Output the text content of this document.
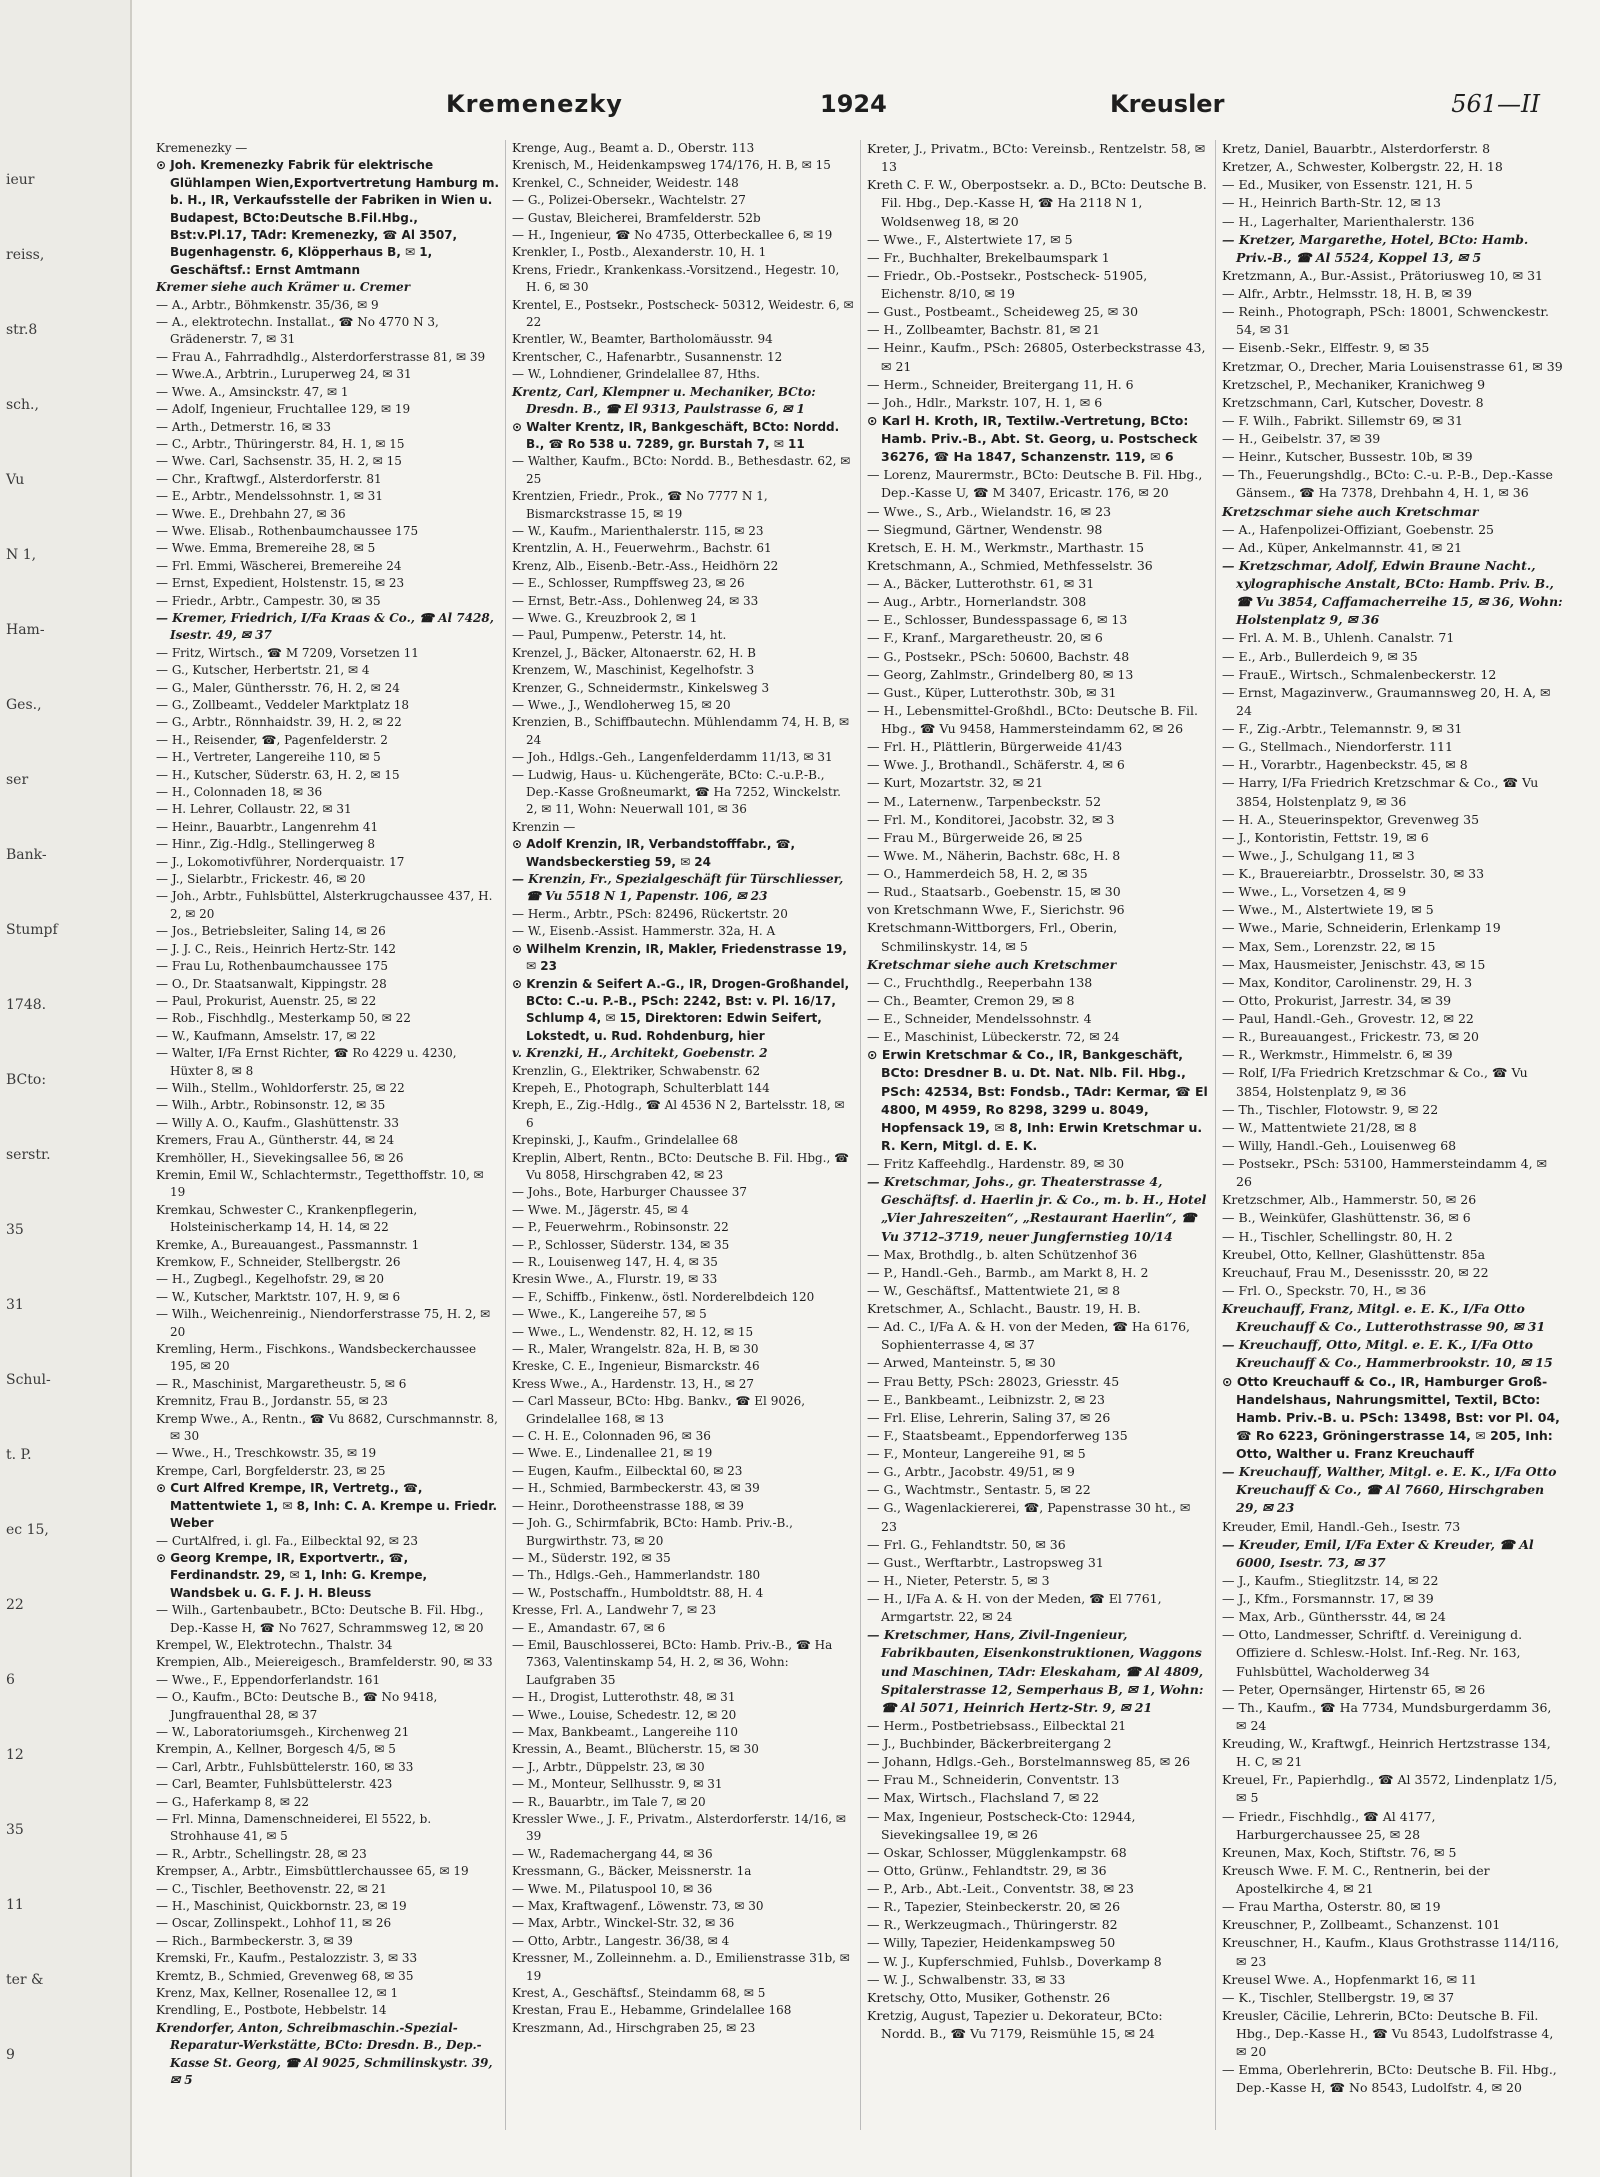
ieur
reiss,
str.8
sch.,
Vu
N 1,
Ham-
Ges.,
ser
Bank-
Stumpf
1748.
BCto:
serstr.
35
31
Schul-
t. P.
ec 15,
22
6
12
35
11
ter &
9
Kremenezky	1924	Kreusler	561—II

Kremenezky —

⊙ Joh. Kremenezky Fabrik für elektrische Glühlampen Wien,Exportvertretung Hamburg m. b. H., IR, Verkaufsstelle der Fabriken in Wien u. Budapest, BCto:Deutsche B.Fil.Hbg., Bst:v.Pl.17, TAdr: Kremenezky, ☎ Al 3507, Bugenhagenstr. 6, Klöpperhaus B, ✉ 1, Geschäftsf.: Ernst Amtmann

Kremer siehe auch Krämer u. Cremer

— A., Arbtr., Böhmkenstr. 35/36, ✉ 9

— A., elektrotechn. Installat., ☎ No 4770 N 3, Grädenerstr. 7, ✉ 31

— Frau A., Fahrradhdlg., Alsterdorferstrasse 81, ✉ 39

— Wwe.A., Arbtrin., Luruperweg 24, ✉ 31

— Wwe. A., Amsinckstr. 47, ✉ 1

— Adolf, Ingenieur, Fruchtallee 129, ✉ 19

— Arth., Detmerstr. 16, ✉ 33

— C., Arbtr., Thüringerstr. 84, H. 1, ✉ 15

— Wwe. Carl, Sachsenstr. 35, H. 2, ✉ 15

— Chr., Kraftwgf., Alsterdorferstr. 81

— E., Arbtr., Mendelssohnstr. 1, ✉ 31

— Wwe. E., Drehbahn 27, ✉ 36

— Wwe. Elisab., Rothenbaumchaussee 175

— Wwe. Emma, Bremereihe 28, ✉ 5

— Frl. Emmi, Wäscherei, Bremereihe 24

— Ernst, Expedient, Holstenstr. 15, ✉ 23

— Friedr., Arbtr., Campestr. 30, ✉ 35

— Kremer, Friedrich, I/Fa Kraas & Co., ☎ Al 7428, Isestr. 49, ✉ 37

— Fritz, Wirtsch., ☎ M 7209, Vorsetzen 11

— G., Kutscher, Herbertstr. 21, ✉ 4

— G., Maler, Günthersstr. 76, H. 2, ✉ 24

— G., Zollbeamt., Veddeler Marktplatz 18

— G., Arbtr., Rönnhaidstr. 39, H. 2, ✉ 22

— H., Reisender, ☎, Pagenfelderstr. 2

— H., Vertreter, Langereihe 110, ✉ 5

— H., Kutscher, Süderstr. 63, H. 2, ✉ 15

— H., Colonnaden 18, ✉ 36

— H. Lehrer, Collaustr. 22, ✉ 31

— Heinr., Bauarbtr., Langenrehm 41

— Hinr., Zig.-Hdlg., Stellingerweg 8

— J., Lokomotivführer, Norderquaistr. 17

— J., Sielarbtr., Frickestr. 46, ✉ 20

— Joh., Arbtr., Fuhlsbüttel, Alsterkrugchaussee 437, H. 2, ✉ 20

— Jos., Betriebsleiter, Saling 14, ✉ 26

— J. J. C., Reis., Heinrich Hertz-Str. 142

— Frau Lu, Rothenbaumchaussee 175

— O., Dr. Staatsanwalt, Kippingstr. 28

— Paul, Prokurist, Auenstr. 25, ✉ 22

— Rob., Fischhdlg., Mesterkamp 50, ✉ 22

— W., Kaufmann, Amselstr. 17, ✉ 22

— Walter, I/Fa Ernst Richter, ☎ Ro 4229 u. 4230, Hüxter 8, ✉ 8

— Wilh., Stellm., Wohldorferstr. 25, ✉ 22

— Wilh., Arbtr., Robinsonstr. 12, ✉ 35

— Willy A. O., Kaufm., Glashüttenstr. 33

Kremers, Frau A., Güntherstr. 44, ✉ 24

Kremhöller, H., Sievekingsallee 56, ✉ 26

Kremin, Emil W., Schlachtermstr., Tegetthoffstr. 10, ✉ 19

Kremkau, Schwester C., Krankenpflegerin, Holsteinischerkamp 14, H. 14, ✉ 22

Kremke, A., Bureauangest., Passmannstr. 1

Kremkow, F., Schneider, Stellbergstr. 26

— H., Zugbegl., Kegelhofstr. 29, ✉ 20

— W., Kutscher, Marktstr. 107, H. 9, ✉ 6

— Wilh., Weichenreinig., Niendorferstrasse 75, H. 2, ✉ 20

Kremling, Herm., Fischkons., Wandsbeckerchaussee 195, ✉ 20

— R., Maschinist, Margaretheustr. 5, ✉ 6

Kremnitz, Frau B., Jordanstr. 55, ✉ 23

Kremp Wwe., A., Rentn., ☎ Vu 8682, Curschmannstr. 8, ✉ 30

— Wwe., H., Treschkowstr. 35, ✉ 19

Krempe, Carl, Borgfelderstr. 23, ✉ 25

⊙ Curt Alfred Krempe, IR, Vertretg., ☎, Mattentwiete 1, ✉ 8, Inh: C. A. Krempe u. Friedr. Weber

— CurtAlfred, i. gl. Fa., Eilbecktal 92, ✉ 23

⊙ Georg Krempe, IR, Exportvertr., ☎, Ferdinandstr. 29, ✉ 1, Inh: G. Krempe, Wandsbek u. G. F. J. H. Bleuss

— Wilh., Gartenbaubetr., BCto: Deutsche B. Fil. Hbg., Dep.-Kasse H, ☎ No 7627, Schrammsweg 12, ✉ 20

Krempel, W., Elektrotechn., Thalstr. 34

Krempien, Alb., Meiereigesch., Bramfelderstr. 90, ✉ 33

— Wwe., F., Eppendorferlandstr. 161

— O., Kaufm., BCto: Deutsche B., ☎ No 9418, Jungfrauenthal 28, ✉ 37

— W., Laboratoriumsgeh., Kirchenweg 21

Krempin, A., Kellner, Borgesch 4/5, ✉ 5

— Carl, Arbtr., Fuhlsbüttelerstr. 160, ✉ 33

— Carl, Beamter, Fuhlsbüttelerstr. 423

— G., Haferkamp 8, ✉ 22

— Frl. Minna, Damenschneiderei, El 5522, b. Strohhause 41, ✉ 5

— R., Arbtr., Schellingstr. 28, ✉ 23

Krempser, A., Arbtr., Eimsbüttlerchaussee 65, ✉ 19

— C., Tischler, Beethovenstr. 22, ✉ 21

— H., Maschinist, Quickbornstr. 23, ✉ 19

— Oscar, Zollinspekt., Lohhof 11, ✉ 26

— Rich., Barmbeckerstr. 3, ✉ 39

Kremski, Fr., Kaufm., Pestalozzistr. 3, ✉ 33

Kremtz, B., Schmied, Grevenweg 68, ✉ 35

Krenz, Max, Kellner, Rosenallee 12, ✉ 1

Krendling, E., Postbote, Hebbelstr. 14

Krendorfer, Anton, Schreibmaschin.-Spezial-Reparatur-Werkstätte, BCto: Dresdn. B., Dep.-Kasse St. Georg, ☎ Al 9025, Schmilinskystr. 39, ✉ 5

Krenge, Aug., Beamt a. D., Oberstr. 113

Krenisch, M., Heidenkampsweg 174/176, H. B, ✉ 15

Krenkel, C., Schneider, Weidestr. 148

— G., Polizei-Obersekr., Wachtelstr. 27

— Gustav, Bleicherei, Bramfelderstr. 52b

— H., Ingenieur, ☎ No 4735, Otterbeckallee 6, ✉ 19

Krenkler, I., Postb., Alexanderstr. 10, H. 1

Krens, Friedr., Krankenkass.-Vorsitzend., Hegestr. 10, H. 6, ✉ 30

Krentel, E., Postsekr., Postscheck- 50312, Weidestr. 6, ✉ 22

Krentler, W., Beamter, Bartholomäusstr. 94

Krentscher, C., Hafenarbtr., Susannenstr. 12

— W., Lohndiener, Grindelallee 87, Hths.

Krentz, Carl, Klempner u. Mechaniker, BCto: Dresdn. B., ☎ El 9313, Paulstrasse 6, ✉ 1

⊙ Walter Krentz, IR, Bankgeschäft, BCto: Nordd. B., ☎ Ro 538 u. 7289, gr. Burstah 7, ✉ 11

— Walther, Kaufm., BCto: Nordd. B., Bethesdastr. 62, ✉ 25

Krentzien, Friedr., Prok., ☎ No 7777 N 1, Bismarckstrasse 15, ✉ 19

— W., Kaufm., Marienthalerstr. 115, ✉ 23

Krentzlin, A. H., Feuerwehrm., Bachstr. 61

Krenz, Alb., Eisenb.-Betr.-Ass., Heidhörn 22

— E., Schlosser, Rumpffsweg 23, ✉ 26

— Ernst, Betr.-Ass., Dohlenweg 24, ✉ 33

— Wwe. G., Kreuzbrook 2, ✉ 1

— Paul, Pumpenw., Peterstr. 14, ht.

Krenzel, J., Bäcker, Altonaerstr. 62, H. B

Krenzem, W., Maschinist, Kegelhofstr. 3

Krenzer, G., Schneidermstr., Kinkelsweg 3

— Wwe., J., Wendloherweg 15, ✉ 20

Krenzien, B., Schiffbautechn. Mühlendamm 74, H. B, ✉ 24

— Joh., Hdlgs.-Geh., Langenfelderdamm 11/13, ✉ 31

— Ludwig, Haus- u. Küchengeräte, BCto: C.-u.P.-B., Dep.-Kasse Großneumarkt, ☎ Ha 7252, Winckelstr. 2, ✉ 11, Wohn: Neuerwall 101, ✉ 36

Krenzin —

⊙ Adolf Krenzin, IR, Verbandstofffabr., ☎, Wandsbeckerstieg 59, ✉ 24

— Krenzin, Fr., Spezialgeschäft für Türschliesser, ☎ Vu 5518 N 1, Papenstr. 106, ✉ 23

— Herm., Arbtr., PSch: 82496, Rückertstr. 20

— W., Eisenb.-Assist. Hammerstr. 32a, H. A

⊙ Wilhelm Krenzin, IR, Makler, Friedenstrasse 19, ✉ 23

⊙ Krenzin & Seifert A.-G., IR, Drogen-Großhandel, BCto: C.-u. P.-B., PSch: 2242, Bst: v. Pl. 16/17, Schlump 4, ✉ 15, Direktoren: Edwin Seifert, Lokstedt, u. Rud. Rohdenburg, hier

v. Krenzki, H., Architekt, Goebenstr. 2

Krenzlin, G., Elektriker, Schwabenstr. 62

Krepeh, E., Photograph, Schulterblatt 144

Kreph, E., Zig.-Hdlg., ☎ Al 4536 N 2, Bartelsstr. 18, ✉ 6

Krepinski, J., Kaufm., Grindelallee 68

Kreplin, Albert, Rentn., BCto: Deutsche B. Fil. Hbg., ☎ Vu 8058, Hirschgraben 42, ✉ 23

— Johs., Bote, Harburger Chaussee 37

— Wwe. M., Jägerstr. 45, ✉ 4

— P., Feuerwehrm., Robinsonstr. 22

— P., Schlosser, Süderstr. 134, ✉ 35

— R., Louisenweg 147, H. 4, ✉ 35

Kresin Wwe., A., Flurstr. 19, ✉ 33

— F., Schiffb., Finkenw., östl. Norderelbdeich 120

— Wwe., K., Langereihe 57, ✉ 5

— Wwe., L., Wendenstr. 82, H. 12, ✉ 15

— R., Maler, Wrangelstr. 82a, H. B, ✉ 30

Kreske, C. E., Ingenieur, Bismarckstr. 46

Kress Wwe., A., Hardenstr. 13, H., ✉ 27

— Carl Masseur, BCto: Hbg. Bankv., ☎ El 9026, Grindelallee 168, ✉ 13

— C. H. E., Colonnaden 96, ✉ 36

— Wwe. E., Lindenallee 21, ✉ 19

— Eugen, Kaufm., Eilbecktal 60, ✉ 23

— H., Schmied, Barmbeckerstr. 43, ✉ 39

— Heinr., Dorotheenstrasse 188, ✉ 39

— Joh. G., Schirmfabrik, BCto: Hamb. Priv.-B., Burgwirthstr. 73, ✉ 20

— M., Süderstr. 192, ✉ 35

— Th., Hdlgs.-Geh., Hammerlandstr. 180

— W., Postschaffn., Humboldtstr. 88, H. 4

Kresse, Frl. A., Landwehr 7, ✉ 23

— E., Amandastr. 67, ✉ 6

— Emil, Bauschlosserei, BCto: Hamb. Priv.-B., ☎ Ha 7363, Valentinskamp 54, H. 2, ✉ 36, Wohn: Laufgraben 35

— H., Drogist, Lutterothstr. 48, ✉ 31

— Wwe., Louise, Schedestr. 12, ✉ 20

— Max, Bankbeamt., Langereihe 110

Kressin, A., Beamt., Blücherstr. 15, ✉ 30

— J., Arbtr., Düppelstr. 23, ✉ 30

— M., Monteur, Sellhusstr. 9, ✉ 31

— R., Bauarbtr., im Tale 7, ✉ 20

Kressler Wwe., J. F., Privatm., Alsterdorferstr. 14/16, ✉ 39

— W., Rademachergang 44, ✉ 36

Kressmann, G., Bäcker, Meissnerstr. 1a

— Wwe. M., Pilatuspool 10, ✉ 36

— Max, Kraftwagenf., Löwenstr. 73, ✉ 30

— Max, Arbtr., Winckel-Str. 32, ✉ 36

— Otto, Arbtr., Langestr. 36/38, ✉ 4

Kressner, M., Zolleinnehm. a. D., Emilienstrasse 31b, ✉ 19

Krest, A., Geschäftsf., Steindamm 68, ✉ 5

Krestan, Frau E., Hebamme, Grindelallee 168

Kreszmann, Ad., Hirschgraben 25, ✉ 23

Kreter, J., Privatm., BCto: Vereinsb., Rentzelstr. 58, ✉ 13

Kreth C. F. W., Oberpostsekr. a. D., BCto: Deutsche B. Fil. Hbg., Dep.-Kasse H, ☎ Ha 2118 N 1, Woldsenweg 18, ✉ 20

— Wwe., F., Alstertwiete 17, ✉ 5

— Fr., Buchhalter, Brekelbaumspark 1

— Friedr., Ob.-Postsekr., Postscheck- 51905, Eichenstr. 8/10, ✉ 19

— Gust., Postbeamt., Scheideweg 25, ✉ 30

— H., Zollbeamter, Bachstr. 81, ✉ 21

— Heinr., Kaufm., PSch: 26805, Osterbeckstrasse 43, ✉ 21

— Herm., Schneider, Breitergang 11, H. 6

— Joh., Hdlr., Markstr. 107, H. 1, ✉ 6

⊙ Karl H. Kroth, IR, Textilw.-Vertretung, BCto: Hamb. Priv.-B., Abt. St. Georg, u. Postscheck 36276, ☎ Ha 1847, Schanzenstr. 119, ✉ 6

— Lorenz, Maurermstr., BCto: Deutsche B. Fil. Hbg., Dep.-Kasse U, ☎ M 3407, Ericastr. 176, ✉ 20

— Wwe., S., Arb., Wielandstr. 16, ✉ 23

— Siegmund, Gärtner, Wendenstr. 98

Kretsch, E. H. M., Werkmstr., Marthastr. 15

Kretschmann, A., Schmied, Methfesselstr. 36

— A., Bäcker, Lutterothstr. 61, ✉ 31

— Aug., Arbtr., Hornerlandstr. 308

— E., Schlosser, Bundesspassage 6, ✉ 13

— F., Kranf., Margaretheustr. 20, ✉ 6

— G., Postsekr., PSch: 50600, Bachstr. 48

— Georg, Zahlmstr., Grindelberg 80, ✉ 13

— Gust., Küper, Lutterothstr. 30b, ✉ 31

— H., Lebensmittel-Großhdl., BCto: Deutsche B. Fil. Hbg., ☎ Vu 9458, Hammersteindamm 62, ✉ 26

— Frl. H., Plättlerin, Bürgerweide 41/43

— Wwe. J., Brothandl., Schäferstr. 4, ✉ 6

— Kurt, Mozartstr. 32, ✉ 21

— M., Laternenw., Tarpenbeckstr. 52

— Frl. M., Konditorei, Jacobstr. 32, ✉ 3

— Frau M., Bürgerweide 26, ✉ 25

— Wwe. M., Näherin, Bachstr. 68c, H. 8

— O., Hammerdeich 58, H. 2, ✉ 35

— Rud., Staatsarb., Goebenstr. 15, ✉ 30

von Kretschmann Wwe, F., Sierichstr. 96

Kretschmann-Wittborgers, Frl., Oberin, Schmilinskystr. 14, ✉ 5

Kretschmar siehe auch Kretschmer

— C., Fruchthdlg., Reeperbahn 138

— Ch., Beamter, Cremon 29, ✉ 8

— E., Schneider, Mendelssohnstr. 4

— E., Maschinist, Lübeckerstr. 72, ✉ 24

⊙ Erwin Kretschmar & Co., IR, Bankgeschäft, BCto: Dresdner B. u. Dt. Nat. Nlb. Fil. Hbg., PSch: 42534, Bst: Fondsb., TAdr: Kermar, ☎ El 4800, M 4959, Ro 8298, 3299 u. 8049, Hopfensack 19, ✉ 8, Inh: Erwin Kretschmar u. R. Kern, Mitgl. d. E. K.

— Fritz Kaffeehdlg., Hardenstr. 89, ✉ 30

— Kretschmar, Johs., gr. Theaterstrasse 4, Geschäftsf. d. Haerlin jr. & Co., m. b. H., Hotel „Vier Jahreszeiten“, „Restaurant Haerlin“, ☎ Vu 3712–3719, neuer Jungfernstieg 10/14

— Max, Brothdlg., b. alten Schützenhof 36

— P., Handl.-Geh., Barmb., am Markt 8, H. 2

— W., Geschäftsf., Mattentwiete 21, ✉ 8

Kretschmer, A., Schlacht., Baustr. 19, H. B.

— Ad. C., I/Fa A. & H. von der Meden, ☎ Ha 6176, Sophienterrasse 4, ✉ 37

— Arwed, Manteinstr. 5, ✉ 30

— Frau Betty, PSch: 28023, Griesstr. 45

— E., Bankbeamt., Leibnizstr. 2, ✉ 23

— Frl. Elise, Lehrerin, Saling 37, ✉ 26

— F., Staatsbeamt., Eppendorferweg 135

— F., Monteur, Langereihe 91, ✉ 5

— G., Arbtr., Jacobstr. 49/51, ✉ 9

— G., Wachtmstr., Sentastr. 5, ✉ 22

— G., Wagenlackiererei, ☎, Papenstrasse 30 ht., ✉ 23

— Frl. G., Fehlandtstr. 50, ✉ 36

— Gust., Werftarbtr., Lastropsweg 31

— H., Nieter, Peterstr. 5, ✉ 3

— H., I/Fa A. & H. von der Meden, ☎ El 7761, Armgartstr. 22, ✉ 24

— Kretschmer, Hans, Zivil-Ingenieur, Fabrikbauten, Eisenkonstruktionen, Waggons und Maschinen, TAdr: Eleskaham, ☎ Al 4809, Spitalerstrasse 12, Semperhaus B, ✉ 1, Wohn: ☎ Al 5071, Heinrich Hertz-Str. 9, ✉ 21

— Herm., Postbetriebsass., Eilbecktal 21

— J., Buchbinder, Bäckerbreitergang 2

— Johann, Hdlgs.-Geh., Borstelmannsweg 85, ✉ 26

— Frau M., Schneiderin, Conventstr. 13

— Max, Wirtsch., Flachsland 7, ✉ 22

— Max, Ingenieur, Postscheck-Cto: 12944, Sievekingsallee 19, ✉ 26

— Oskar, Schlosser, Mügglenkampstr. 68

— Otto, Grünw., Fehlandtstr. 29, ✉ 36

— P., Arb., Abt.-Leit., Conventstr. 38, ✉ 23

— R., Tapezier, Steinbeckerstr. 20, ✉ 26

— R., Werkzeugmach., Thüringerstr. 82

— Willy, Tapezier, Heidenkampsweg 50

— W. J., Kupferschmied, Fuhlsb., Doverkamp 8

— W. J., Schwalbenstr. 33, ✉ 33

Kretschy, Otto, Musiker, Gothenstr. 26

Kretzig, August, Tapezier u. Dekorateur, BCto: Nordd. B., ☎ Vu 7179, Reismühle 15, ✉ 24

Kretz, Daniel, Bauarbtr., Alsterdorferstr. 8

Kretzer, A., Schwester, Kolbergstr. 22, H. 18

— Ed., Musiker, von Essenstr. 121, H. 5

— H., Heinrich Barth-Str. 12, ✉ 13

— H., Lagerhalter, Marienthalerstr. 136

— Kretzer, Margarethe, Hotel, BCto: Hamb. Priv.-B., ☎ Al 5524, Koppel 13, ✉ 5

Kretzmann, A., Bur.-Assist., Prätoriusweg 10, ✉ 31

— Alfr., Arbtr., Helmsstr. 18, H. B, ✉ 39

— Reinh., Photograph, PSch: 18001, Schwenckestr. 54, ✉ 31

— Eisenb.-Sekr., Elffestr. 9, ✉ 35

Kretzmar, O., Drecher, Maria Louisenstrasse 61, ✉ 39

Kretzschel, P., Mechaniker, Kranichweg 9

Kretzschmann, Carl, Kutscher, Dovestr. 8

— F. Wilh., Fabrikt. Sillemstr 69, ✉ 31

— H., Geibelstr. 37, ✉ 39

— Heinr., Kutscher, Bussestr. 10b, ✉ 39

— Th., Feuerungshdlg., BCto: C.-u. P.-B., Dep.-Kasse Gänsem., ☎ Ha 7378, Drehbahn 4, H. 1, ✉ 36

Kretzschmar siehe auch Kretschmar

— A., Hafenpolizei-Offiziant, Goebenstr. 25

— Ad., Küper, Ankelmannstr. 41, ✉ 21

— Kretzschmar, Adolf, Edwin Braune Nacht., xylographische Anstalt, BCto: Hamb. Priv. B., ☎ Vu 3854, Caffamacherreihe 15, ✉ 36, Wohn: Holstenplatz 9, ✉ 36

— Frl. A. M. B., Uhlenh. Canalstr. 71

— E., Arb., Bullerdeich 9, ✉ 35

— FrauE., Wirtsch., Schmalenbeckerstr. 12

— Ernst, Magazinverw., Graumannsweg 20, H. A, ✉ 24

— F., Zig.-Arbtr., Telemannstr. 9, ✉ 31

— G., Stellmach., Niendorferstr. 111

— H., Vorarbtr., Hagenbeckstr. 45, ✉ 8

— Harry, I/Fa Friedrich Kretzschmar & Co., ☎ Vu 3854, Holstenplatz 9, ✉ 36

— H. A., Steuerinspektor, Grevenweg 35

— J., Kontoristin, Fettstr. 19, ✉ 6

— Wwe., J., Schulgang 11, ✉ 3

— K., Brauereiarbtr., Drosselstr. 30, ✉ 33

— Wwe., L., Vorsetzen 4, ✉ 9

— Wwe., M., Alstertwiete 19, ✉ 5

— Wwe., Marie, Schneiderin, Erlenkamp 19

— Max, Sem., Lorenzstr. 22, ✉ 15

— Max, Hausmeister, Jenischstr. 43, ✉ 15

— Max, Konditor, Carolinenstr. 29, H. 3

— Otto, Prokurist, Jarrestr. 34, ✉ 39

— Paul, Handl.-Geh., Grovestr. 12, ✉ 22

— R., Bureauangest., Frickestr. 73, ✉ 20

— R., Werkmstr., Himmelstr. 6, ✉ 39

— Rolf, I/Fa Friedrich Kretzschmar & Co., ☎ Vu 3854, Holstenplatz 9, ✉ 36

— Th., Tischler, Flotowstr. 9, ✉ 22

— W., Mattentwiete 21/28, ✉ 8

— Willy, Handl.-Geh., Louisenweg 68

— Postsekr., PSch: 53100, Hammersteindamm 4, ✉ 26

Kretzschmer, Alb., Hammerstr. 50, ✉ 26

— B., Weinküfer, Glashüttenstr. 36, ✉ 6

— H., Tischler, Schellingstr. 80, H. 2

Kreubel, Otto, Kellner, Glashüttenstr. 85a

Kreuchauf, Frau M., Desenissstr. 20, ✉ 22

— Frl. O., Speckstr. 70, H., ✉ 36

Kreuchauff, Franz, Mitgl. e. E. K., I/Fa Otto Kreuchauff & Co., Lutterothstrasse 90, ✉ 31

— Kreuchauff, Otto, Mitgl. e. E. K., I/Fa Otto Kreuchauff & Co., Hammerbrookstr. 10, ✉ 15

⊙ Otto Kreuchauff & Co., IR, Hamburger Groß-Handelshaus, Nahrungsmittel, Textil, BCto: Hamb. Priv.-B. u. PSch: 13498, Bst: vor Pl. 04, ☎ Ro 6223, Gröningerstrasse 14, ✉ 205, Inh: Otto, Walther u. Franz Kreuchauff

— Kreuchauff, Walther, Mitgl. e. E. K., I/Fa Otto Kreuchauff & Co., ☎ Al 7660, Hirschgraben 29, ✉ 23

Kreuder, Emil, Handl.-Geh., Isestr. 73

— Kreuder, Emil, I/Fa Exter & Kreuder, ☎ Al 6000, Isestr. 73, ✉ 37

— J., Kaufm., Stieglitzstr. 14, ✉ 22

— J., Kfm., Forsmannstr. 17, ✉ 39

— Max, Arb., Günthersstr. 44, ✉ 24

— Otto, Landmesser, Schriftf. d. Vereinigung d. Offiziere d. Schlesw.-Holst. Inf.-Reg. Nr. 163, Fuhlsbüttel, Wacholderweg 34

— Peter, Opernsänger, Hirtenstr 65, ✉ 26

— Th., Kaufm., ☎ Ha 7734, Mundsburgerdamm 36, ✉ 24

Kreuding, W., Kraftwgf., Heinrich Hertzstrasse 134, H. C, ✉ 21

Kreuel, Fr., Papierhdlg., ☎ Al 3572, Lindenplatz 1/5, ✉ 5

— Friedr., Fischhdlg., ☎ Al 4177, Harburgerchaussee 25, ✉ 28

Kreunen, Max, Koch, Stiftstr. 76, ✉ 5

Kreusch Wwe. F. M. C., Rentnerin, bei der Apostelkirche 4, ✉ 21

— Frau Martha, Osterstr. 80, ✉ 19

Kreuschner, P., Zollbeamt., Schanzenst. 101

Kreuschner, H., Kaufm., Klaus Grothstrasse 114/116, ✉ 23

Kreusel Wwe. A., Hopfenmarkt 16, ✉ 11

— K., Tischler, Stellbergstr. 19, ✉ 37

Kreusler, Cäcilie, Lehrerin, BCto: Deutsche B. Fil. Hbg., Dep.-Kasse H., ☎ Vu 8543, Ludolfstrasse 4, ✉ 20

— Emma, Oberlehrerin, BCto: Deutsche B. Fil. Hbg., Dep.-Kasse H, ☎ No 8543, Ludolfstr. 4, ✉ 20
